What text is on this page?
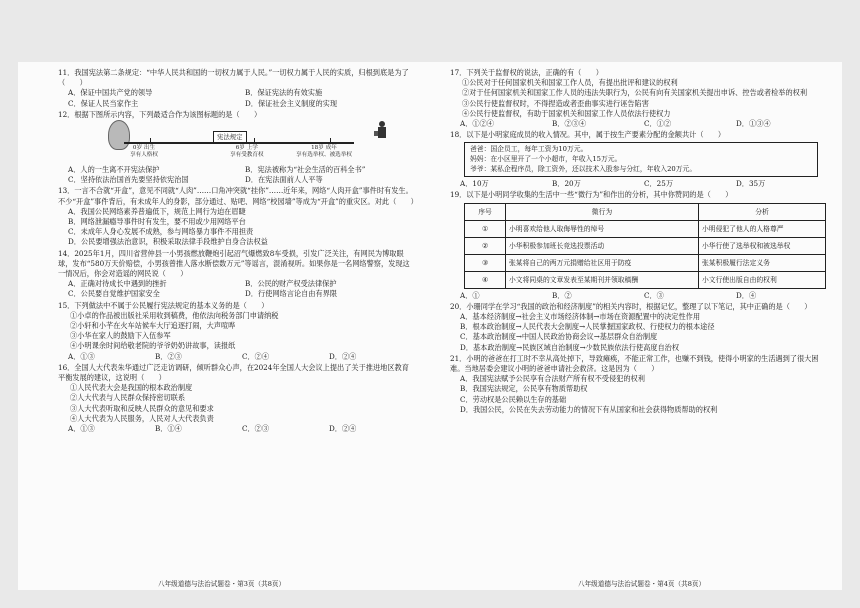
11．我国宪法第二条规定：“中华人民共和国的一切权力属于人民。”一切权力属于人民的实质，归根到底是为了（　　）
A．保证中国共产党的领导	B．保证宪法的有效实施
C．保证人民当家作主	D．保证社会主义制度的实现
12．根据下图所示内容，下列最适合作为该图标题的是（　　）
宪法规定
0岁 出生
享有人格权
6岁 上学
享有受教育权
18岁 成年
享有选举权、被选举权
A．人的一生离不开宪法保护	B．宪法被称为“社会生活的百科全书”
C．坚持依法治国首先要坚持依宪治国	D．在宪法面前人人平等
13．一言不合就“开盒”，意见不同就“人肉”……口角冲突就“挂你”……近年来，网络“人肉开盒”事件时有发生。不少“开盒”事件背后，有未成年人的身影，部分通过、贴吧、网络“校园墙”等成为“开盒”的重灾区。对此（　　）
A．我国公民网络素养普遍低下，规范上网行为迫在眉睫
B．网络泄漏瘾导事件时有发生，要不用或少用网络平台
C．未成年人身心发展不成熟，参与网络暴力事件不用担责
D．公民要增强法治意识，积极采取法律手段维护自身合法权益
14．2025年1月，四川省营仲县一小男孩燃放鞭炮引起沼气爆燃致8车受损，引发广泛关注，有网民为博取眼球，发布“580万天价赔偿，小男孩曾推人落水断偿数万元”等谣言，混淆视听。如果你是一名网络警察，发现这一情况后，你会对造谣的网民说（　　）
A．正确对待成长中遇到的挫折	B．公民的财产权受法律保护
C．公民要自觉维护国家安全	D．行使网络言论自由有界限
15．下列做法中不属于公民履行宪法规定的基本义务的是（　　）
①小卓的作品被出版社采用收到稿费，他依法向税务部门申请纳税
②小轩和小芊在火车站候车大厅追逐打闹，大声喧哗
③小华在家人的鼓励下入伍参军
④小明课余时间给敬老院的爷爷奶奶讲故事，读报纸
A．①③	B．②③	C．②④	D．②④
16．全国人大代表朱华通过广泛走访调研，倾听群众心声，在2024年全国人大会议上提出了关于推进地区教育平衡发展的建议，这说明（　　）
①人民代表大会是我国的根本政治制度
②人大代表与人民群众保持密切联系
③人大代表听取和反映人民群众的意见和要求
④人大代表为人民服务，人民对人大代表负责
A．①③	B．①④	C．②③	D．②④
17．下列关于监督权的说法，正确的有（　　）
①公民对于任何国家机关和国家工作人员，有提出批评和建议的权利
②对于任何国家机关和国家工作人员的违法失职行为，公民有向有关国家机关提出申诉、控告或者检举的权利
③公民行使监督权时，不得捏造或者歪曲事实进行诬告陷害
④公民行使监督权，有助于国家机关和国家工作人员依法行使权力
A．①②④	B．②③④	C．①②	D．①③④
18．以下是小明家庭成员的收入情况。其中，属于按生产要素分配的金额共计（　　）
爸爸：国企员工，每年工资为10万元。
妈妈：在小区里开了一个小超市，年收入15万元。
爷爷：某私企程序员，除工资外，还以技术入股参与分红，年收入20万元。
A．10万	B．20万	C．25万	D．35万
19．以下是小明同学收集的生活中一些“微行为”和作出的分析，其中你赞同的是（　　）
序号	微行为	分析
①	小明喜欢给他人取侮辱性的绰号	小明侵犯了他人的人格尊严
②	小华积极参加班长竞选投票活动	小华行使了选举权和被选举权
③	张某将自己的两万元捐赠给社区用于防疫	张某积极履行法定义务
④	小文将同桌的文章发表至某期刊并领取稿酬	小文行使出版自由的权利
A．①	B．②	C．③	D．④
20．小珊同学在学习“我国的政治和经济制度”的相关内容时，根据记忆，整理了以下笔记，其中正确的是（　　）
A．基本经济制度→社会主义市场经济体制→市场在资源配置中的决定性作用
B．根本政治制度→人民代表大会制度→人民掌握国家政权、行使权力的根本途径
C．基本政治制度→中国人民政治协商会议→基层群众自治制度
D．基本政治制度→民族区域自治制度→少数民族依法行使高度自治权
21．小明的爸爸在打工时不幸从高处掉下，导致瘫痪，不能正常工作，也赚不到钱，使得小明家的生活遇到了很大困难。当地居委会建议小明的爸爸申请社会救济。这是因为（　　）
A．我国宪法赋予公民享有合法财产所有权不受侵犯的权利
B．我国宪法规定，公民享有物质帮助权
C．劳动权是公民赖以生存的基础
D．我国公民，公民在失去劳动能力的情况下有从国家和社会获得物质帮助的权利
八年级道德与法治试题卷・第3页（共8页）	八年级道德与法治试题卷・第4页（共8页）
